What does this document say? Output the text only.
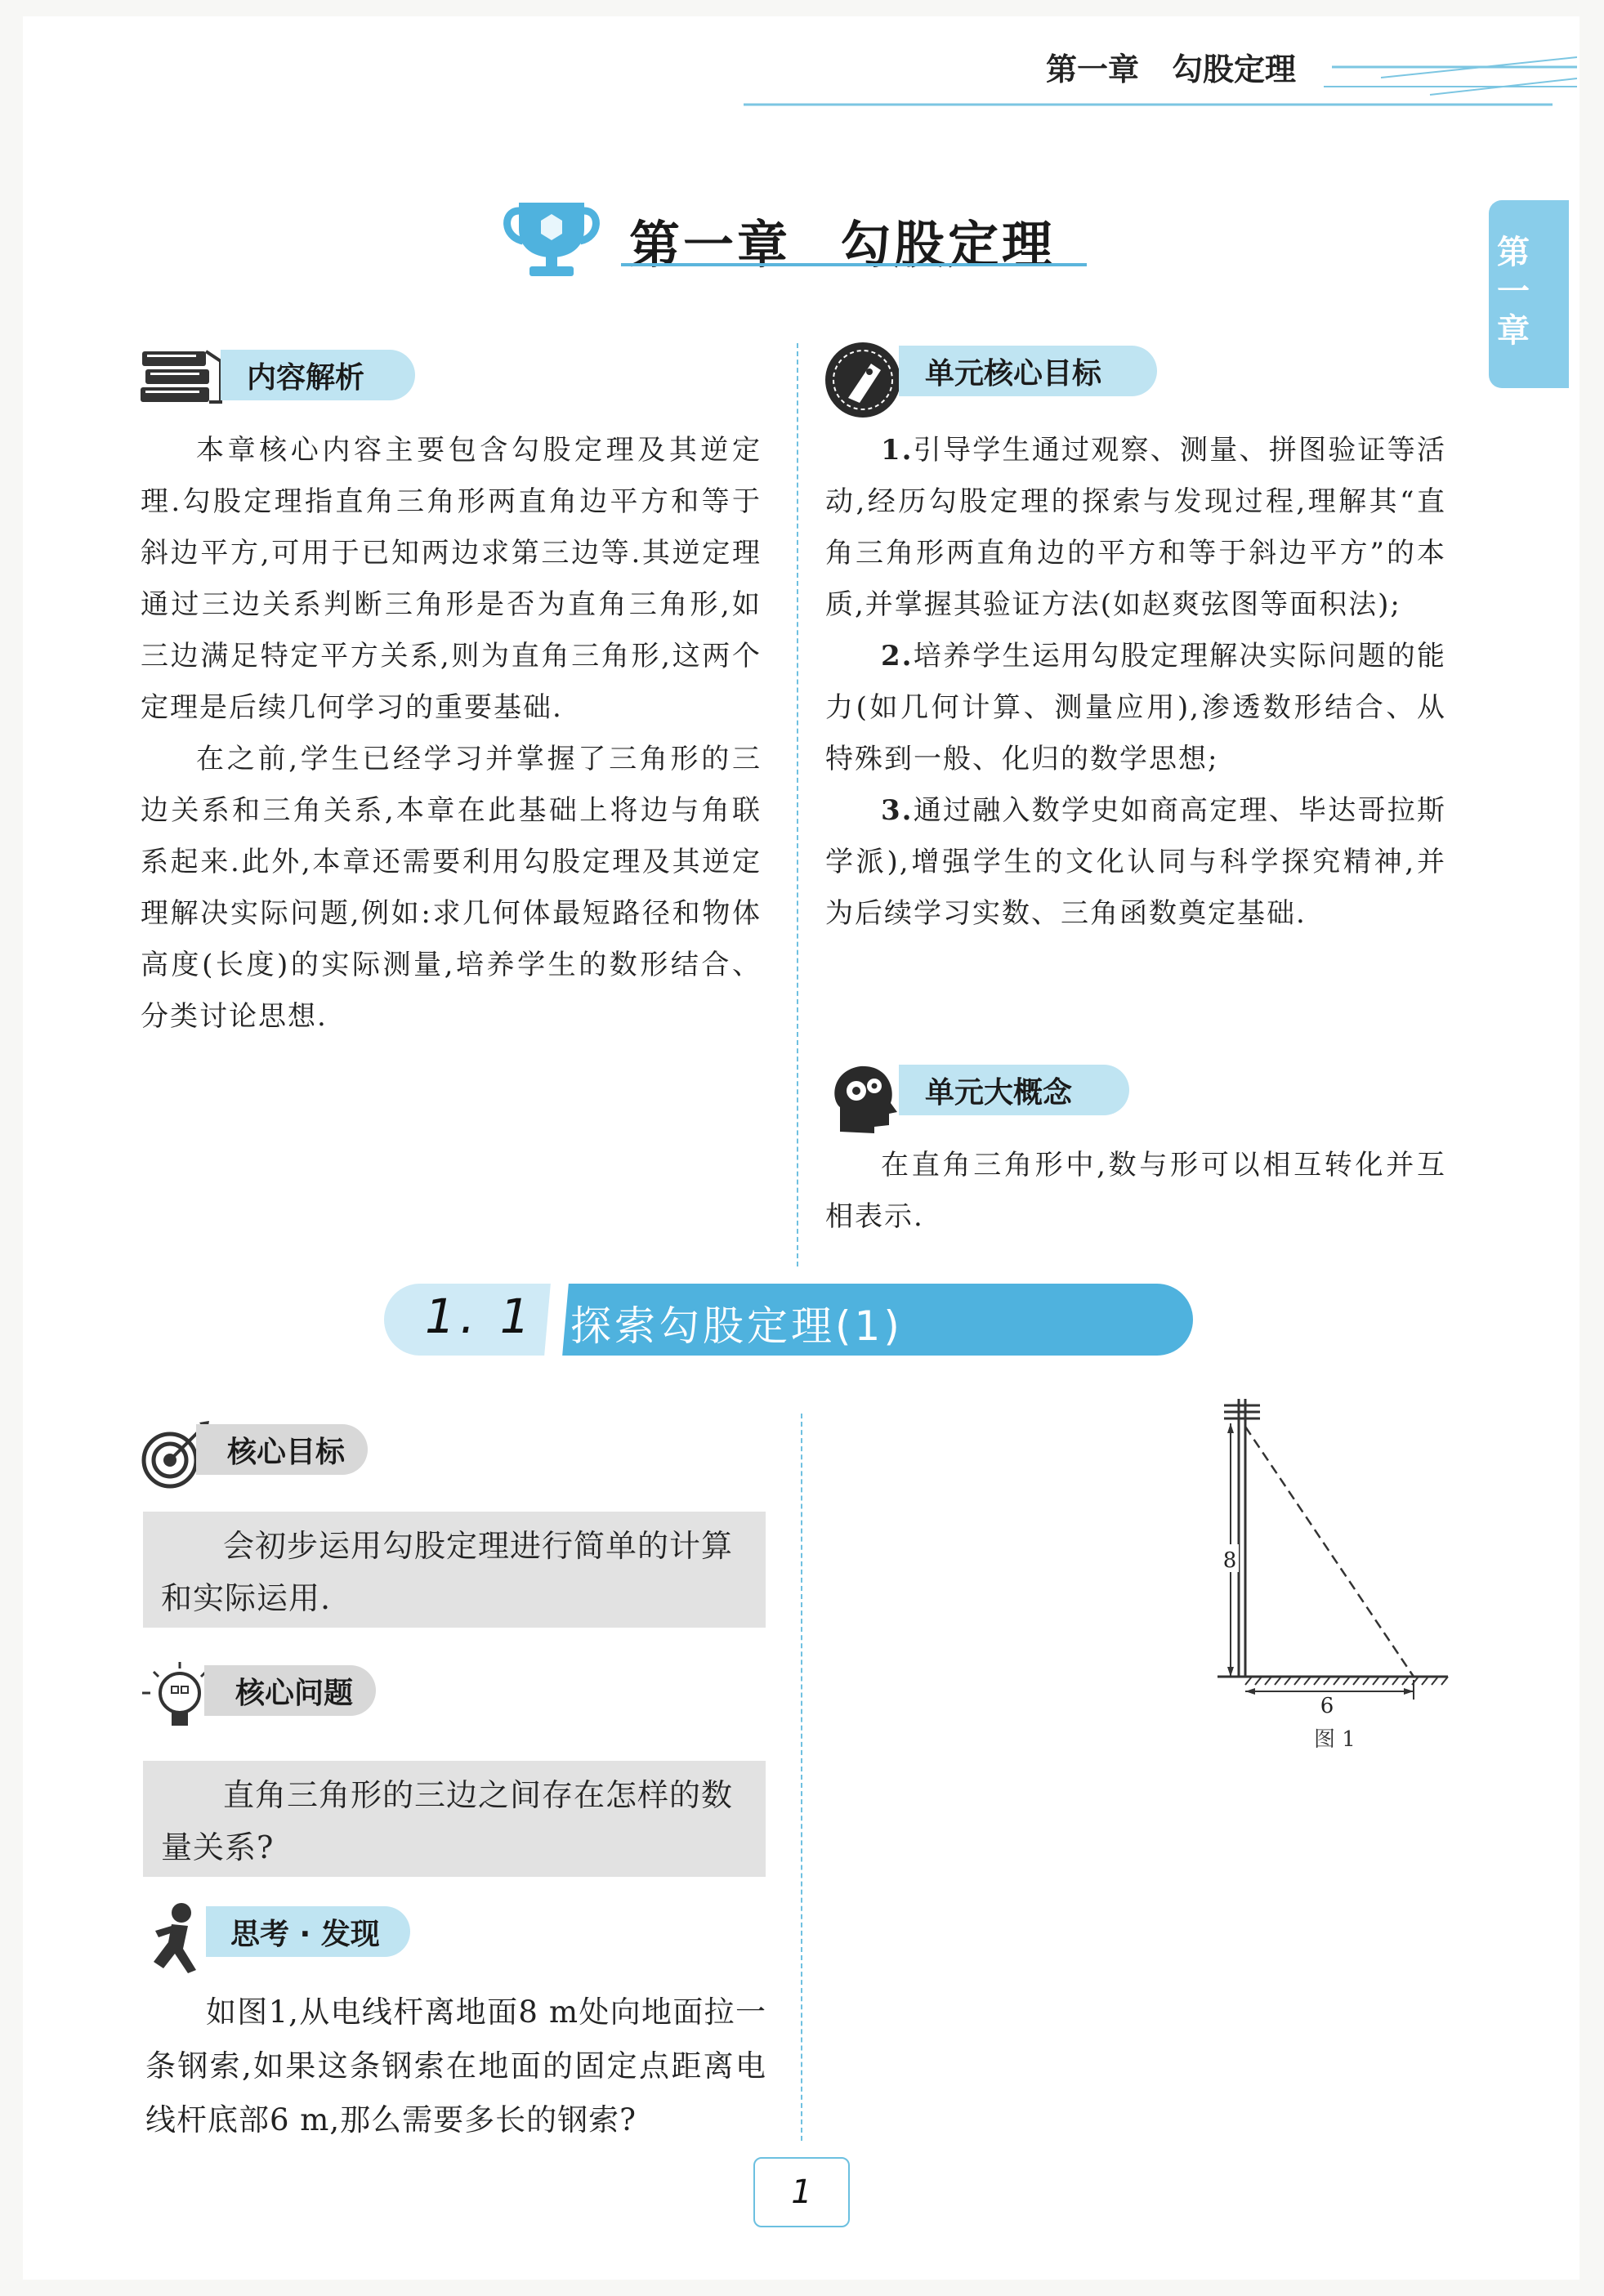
第一章 勾股定理
第一章
第一章 勾股定理
内容解析

本章核心内容主要包含勾股定理及其逆定理.勾股定理指直角三角形两直角边平方和等于斜边平方,可用于已知两边求第三边等.其逆定理通过三边关系判断三角形是否为直角三角形,如三边满足特定平方关系,则为直角三角形,这两个定理是后续几何学习的重要基础.

在之前,学生已经学习并掌握了三角形的三边关系和三角关系,本章在此基础上将边与角联系起来.此外,本章还需要利用勾股定理及其逆定理解决实际问题,例如:求几何体最短路径和物体高度(长度)的实际测量,培养学生的数形结合、分类讨论思想.

单元核心目标

1.引导学生通过观察、测量、拼图验证等活动,经历勾股定理的探索与发现过程,理解其“直角三角形两直角边的平方和等于斜边平方”的本质,并掌握其验证方法(如赵爽弦图等面积法);

2.培养学生运用勾股定理解决实际问题的能力(如几何计算、测量应用),渗透数形结合、从特殊到一般、化归的数学思想;

3.通过融入数学史如商高定理、毕达哥拉斯学派),增强学生的文化认同与科学探究精神,并为后续学习实数、三角函数奠定基础.

单元大概念

在直角三角形中,数与形可以相互转化并互相表示.

1. 1 探索勾股定理(1)
核心目标

会初步运用勾股定理进行简单的计算和实际运用.

核心问题

直角三角形的三边之间存在怎样的数量关系?

思考 · 发现

如图1,从电线杆离地面8 m处向地面拉一条钢索,如果这条钢索在地面的固定点距离电线杆底部6 m,那么需要多长的钢索?

8
6
图 1
1
